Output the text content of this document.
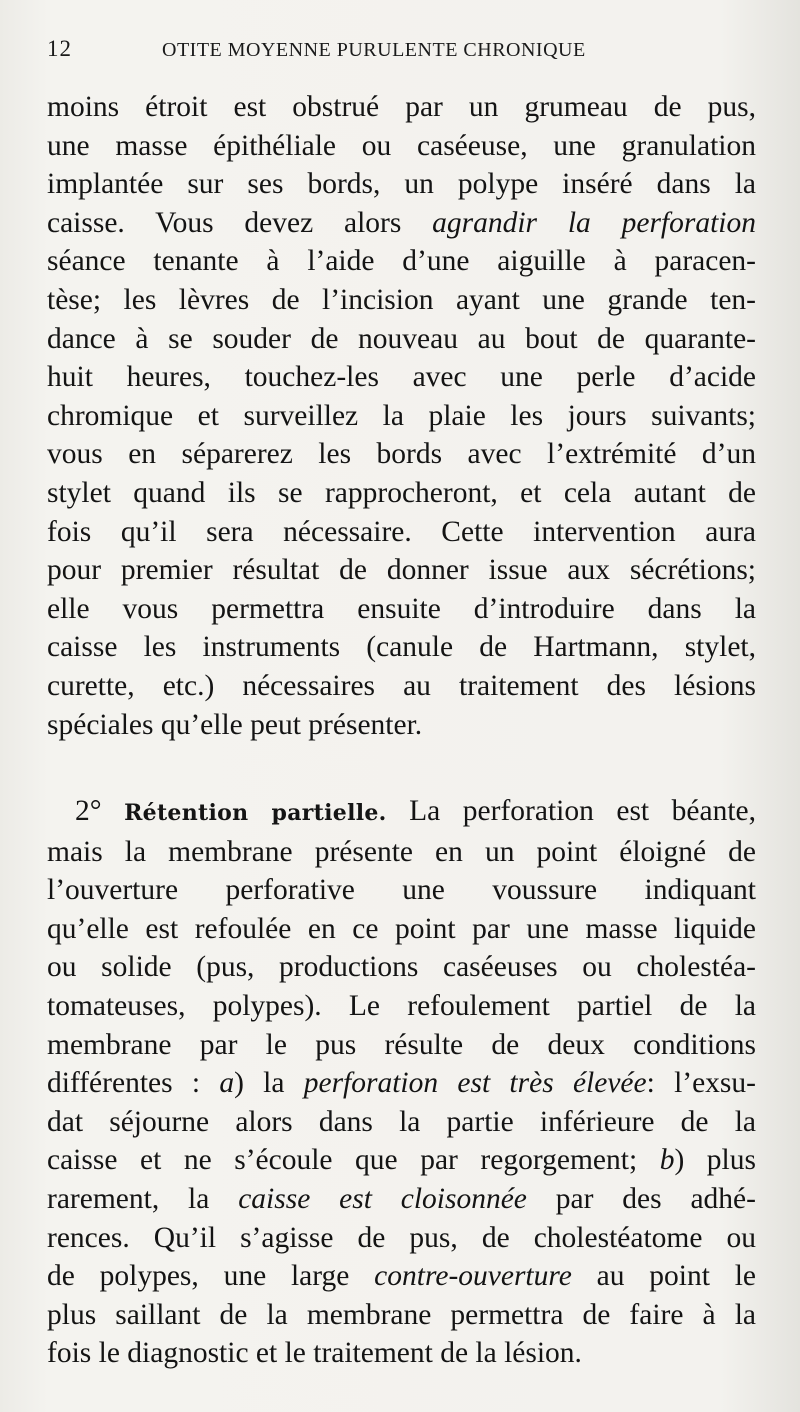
12	OTITE MOYENNE PURULENTE CHRONIQUE

moins étroit est obstrué par un grumeau de pus,
une masse épithéliale ou caséeuse, une granulation
implantée sur ses bords, un polype inséré dans la
caisse. Vous devez alors agrandir la perforation
séance tenante à l’aide d’une aiguille à paracen-
tèse; les lèvres de l’incision ayant une grande ten-
dance à se souder de nouveau au bout de quarante-
huit heures, touchez-les avec une perle d’acide
chromique et surveillez la plaie les jours suivants;
vous en séparerez les bords avec l’extrémité d’un
stylet quand ils se rapprocheront, et cela autant de
fois qu’il sera nécessaire. Cette intervention aura
pour premier résultat de donner issue aux sécrétions;
elle vous permettra ensuite d’introduire dans la
caisse les instruments (canule de Hartmann, stylet,
curette, etc.) nécessaires au traitement des lésions
spéciales qu’elle peut présenter.

2° Rétention partielle. La perforation est béante,

mais la membrane présente en un point éloigné de
l’ouverture perforative une voussure indiquant
qu’elle est refoulée en ce point par une masse liquide
ou solide (pus, productions caséeuses ou cholestéa-
tomateuses, polypes). Le refoulement partiel de la
membrane par le pus résulte de deux conditions
différentes : a) la perforation est très élevée: l’exsu-
dat séjourne alors dans la partie inférieure de la
caisse et ne s’écoule que par regorgement; b) plus
rarement, la caisse est cloisonnée par des adhé-
rences. Qu’il s’agisse de pus, de cholestéatome ou
de polypes, une large contre-ouverture au point le
plus saillant de la membrane permettra de faire à la
fois le diagnostic et le traitement de la lésion.
